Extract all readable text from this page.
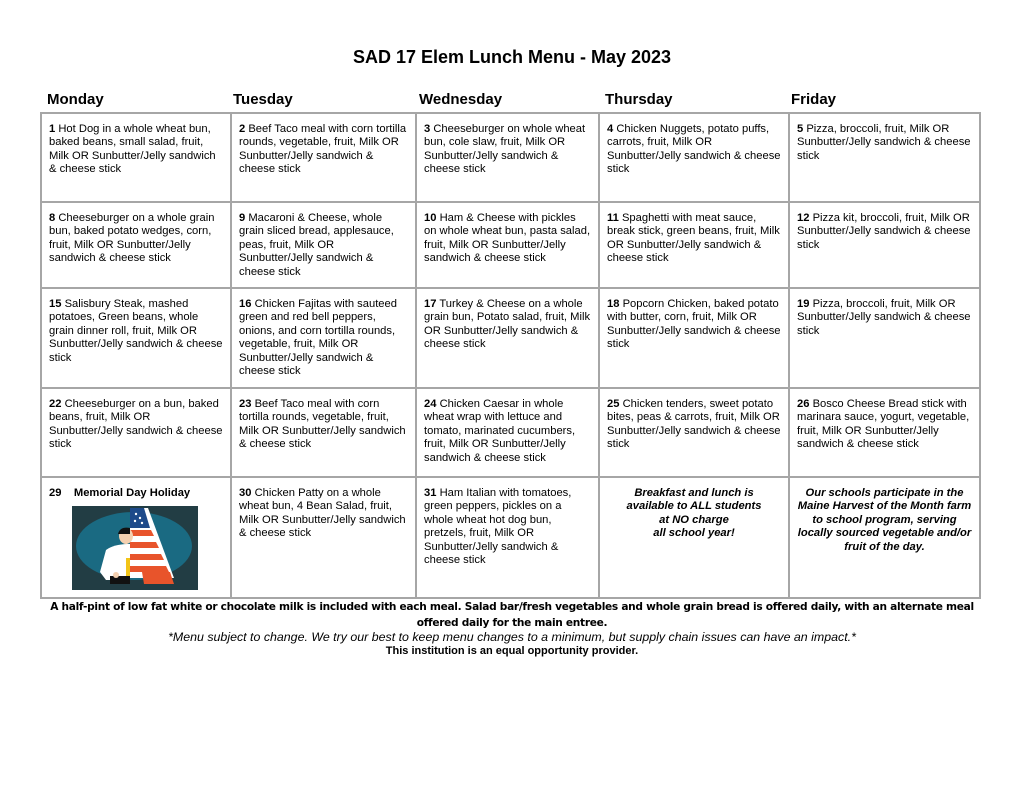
SAD 17 Elem Lunch Menu - May 2023
Monday	Tuesday	Wednesday	Thursday	Friday
1 Hot Dog in a whole wheat bun, baked beans, small salad, fruit, Milk OR Sunbutter/Jelly sandwich & cheese stick	2 Beef Taco meal with corn tortilla rounds, vegetable, fruit, Milk OR Sunbutter/Jelly sandwich & cheese stick	3 Cheeseburger on whole wheat bun, cole slaw, fruit, Milk OR Sunbutter/Jelly sandwich & cheese stick	4 Chicken Nuggets, potato puffs, carrots, fruit, Milk OR Sunbutter/Jelly sandwich & cheese stick	5 Pizza, broccoli, fruit, Milk OR Sunbutter/Jelly sandwich & cheese stick
8 Cheeseburger on a whole grain bun, baked potato wedges, corn, fruit, Milk OR Sunbutter/Jelly sandwich & cheese stick	9 Macaroni & Cheese, whole grain sliced bread, applesauce, peas, fruit, Milk OR Sunbutter/Jelly sandwich & cheese stick	10 Ham & Cheese with pickles on whole wheat bun, pasta salad, fruit, Milk OR Sunbutter/Jelly sandwich & cheese stick	11 Spaghetti with meat sauce, break stick, green beans, fruit, Milk OR Sunbutter/Jelly sandwich & cheese stick	12 Pizza kit, broccoli, fruit, Milk OR Sunbutter/Jelly sandwich & cheese stick
15 Salisbury Steak, mashed potatoes, Green beans, whole grain dinner roll, fruit, Milk OR Sunbutter/Jelly sandwich & cheese stick	16 Chicken Fajitas with sauteed green and red bell peppers, onions, and corn tortilla rounds, vegetable, fruit, Milk OR Sunbutter/Jelly sandwich & cheese stick	17 Turkey & Cheese on a whole grain bun, Potato salad, fruit, Milk OR Sunbutter/Jelly sandwich & cheese stick	18 Popcorn Chicken, baked potato with butter, corn, fruit, Milk OR Sunbutter/Jelly sandwich & cheese stick	19 Pizza, broccoli, fruit, Milk OR Sunbutter/Jelly sandwich & cheese stick
22 Cheeseburger on a bun, baked beans, fruit, Milk OR Sunbutter/Jelly sandwich & cheese stick	23 Beef Taco meal with corn tortilla rounds, vegetable, fruit, Milk OR Sunbutter/Jelly sandwich & cheese stick	24 Chicken Caesar in whole wheat wrap with lettuce and tomato, marinated cucumbers, fruit, Milk OR Sunbutter/Jelly sandwich & cheese stick	25 Chicken tenders, sweet potato bites, peas & carrots, fruit, Milk OR Sunbutter/Jelly sandwich & cheese stick	26 Bosco Cheese Bread stick with marinara sauce, yogurt, vegetable, fruit, Milk OR Sunbutter/Jelly sandwich & cheese stick
29 Memorial Day Holiday	30 Chicken Patty on a whole wheat bun, 4 Bean Salad, fruit, Milk OR Sunbutter/Jelly sandwich & cheese stick	31 Ham Italian with tomatoes, green peppers, pickles on a whole wheat hot dog bun, pretzels, fruit, Milk OR Sunbutter/Jelly sandwich & cheese stick	Breakfast and lunch is
available to ALL students
at NO charge
all school year!	Our schools participate in the Maine Harvest of the Month farm to school program, serving locally sourced vegetable and/or fruit of the day.
A half-pint of low fat white or chocolate milk is included with each meal. Salad bar/fresh vegetables and whole grain bread is offered daily, with an alternate meal offered daily for the main entree.
*Menu subject to change. We try our best to keep menu changes to a minimum, but supply chain issues can have an impact.*
This institution is an equal opportunity provider.
